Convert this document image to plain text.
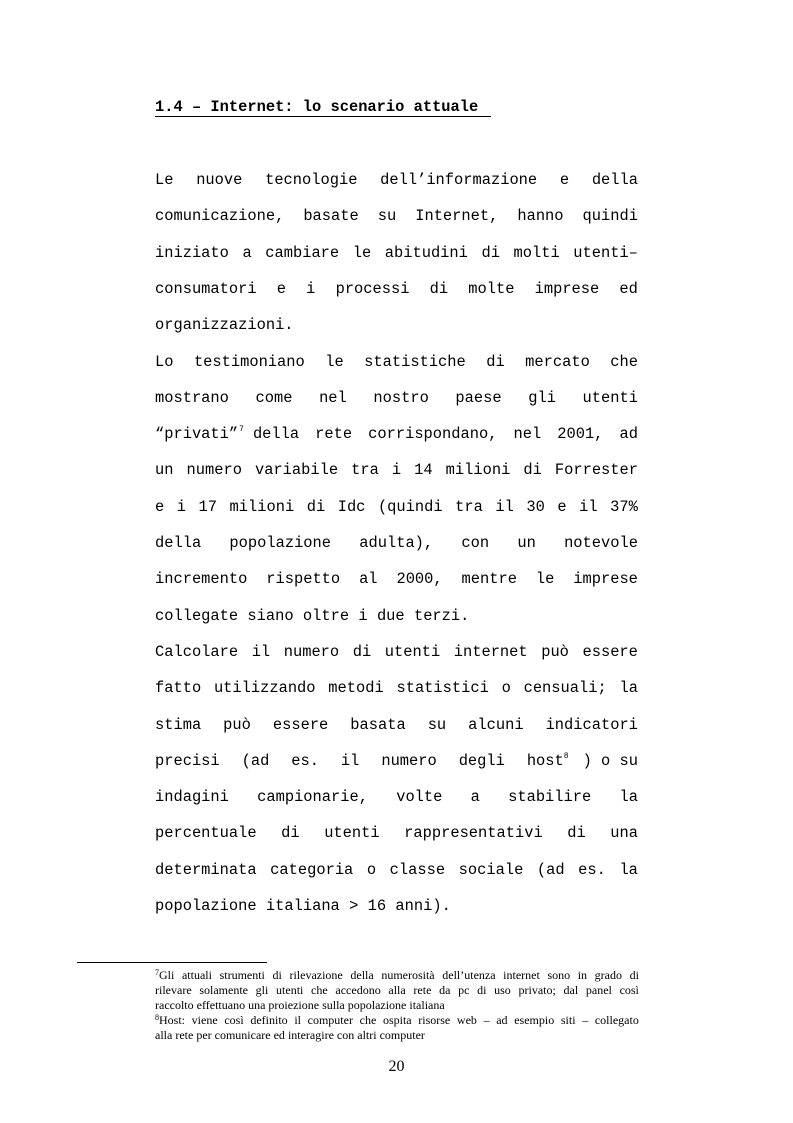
1.4 – Internet: lo scenario attuale
Le nuove tecnologie dell’informazione e della
comunicazione, basate su Internet, hanno quindi
iniziato a cambiare le abitudini di molti utenti–
consumatori e i processi di molte imprese ed
organizzazioni.
Lo testimoniano le statistiche di mercato che
mostrano come nel nostro paese gli utenti
“privati”$^7$ della rete corrispondano, nel 2001, ad
un numero variabile tra i 14 milioni di Forrester
e i 17 milioni di Idc (quindi tra il 30 e il 37%
della popolazione adulta), con un notevole
incremento rispetto al 2000, mentre le imprese
collegate siano oltre i due terzi.
Calcolare il numero di utenti internet può essere
fatto utilizzando metodi statistici o censuali; la
stima può essere basata su alcuni indicatori
precisi (ad es. il numero degli host $^8$ ) o su
indagini campionarie, volte a stabilire la
percentuale di utenti rappresentativi di una
determinata categoria o classe sociale (ad es. la
popolazione italiana > 16 anni).
$^7$Gli attuali strumenti di rilevazione della numerosità dell’utenza internet sono in grado di
rilevare solamente gli utenti che accedono alla rete da pc di uso privato; dal panel così
raccolto effettuano una proiezione sulla popolazione italiana
$^8$Host: viene così definito il computer che ospita risorse web – ad esempio siti – collegato
alla rete per comunicare ed interagire con altri computer
20
